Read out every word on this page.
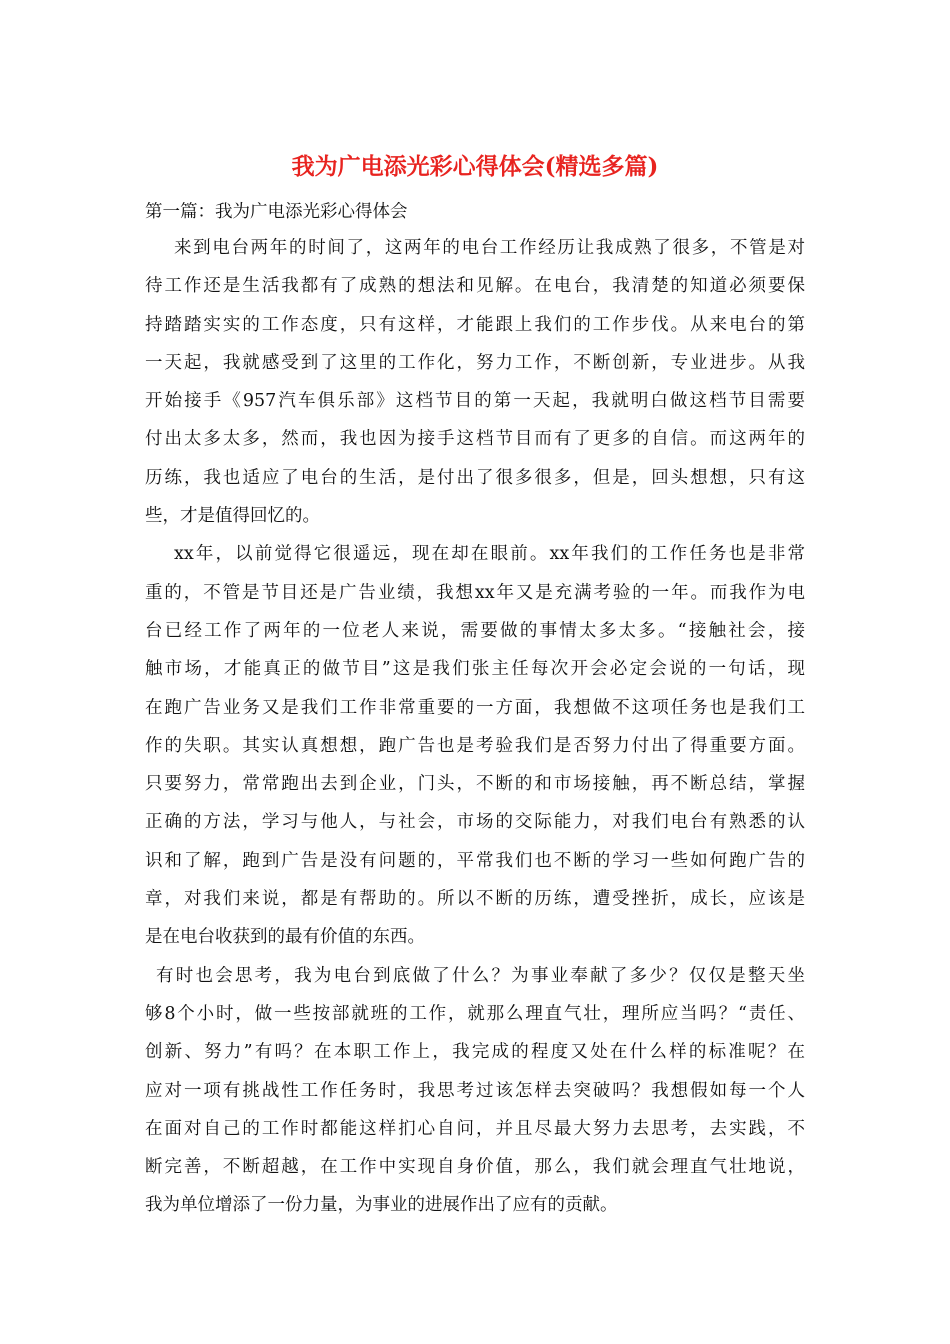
我为广电添光彩心得体会(精选多篇)

第一篇：我为广电添光彩心得体会

来到电台两年的时间了，这两年的电台工作经历让我成熟了很多，不管是对
待工作还是生活我都有了成熟的想法和见解。在电台，我清楚的知道必须要保
持踏踏实实的工作态度，只有这样，才能跟上我们的工作步伐。从来电台的第
一天起，我就感受到了这里的工作化，努力工作，不断创新，专业进步。从我
开始接手《957汽车俱乐部》这档节目的第一天起，我就明白做这档节目需要
付出太多太多，然而，我也因为接手这档节目而有了更多的自信。而这两年的
历练，我也适应了电台的生活，是付出了很多很多，但是，回头想想，只有这
些，才是值得回忆的。
xx年，以前觉得它很遥远，现在却在眼前。xx年我们的工作任务也是非常
重的，不管是节目还是广告业绩，我想xx年又是充满考验的一年。而我作为电
台已经工作了两年的一位老人来说，需要做的事情太多太多。“接触社会，接
触市场，才能真正的做节目”这是我们张主任每次开会必定会说的一句话，现
在跑广告业务又是我们工作非常重要的一方面，我想做不这项任务也是我们工
作的失职。其实认真想想，跑广告也是考验我们是否努力付出了得重要方面。
只要努力，常常跑出去到企业，门头，不断的和市场接触，再不断总结，掌握
正确的方法，学习与他人，与社会，市场的交际能力，对我们电台有熟悉的认
识和了解，跑到广告是没有问题的，平常我们也不断的学习一些如何跑广告的
章，对我们来说，都是有帮助的。所以不断的历练，遭受挫折，成长，应该是
是在电台收获到的最有价值的东西。
有时也会思考，我为电台到底做了什么？为事业奉献了多少？仅仅是整天坐
够8个小时，做一些按部就班的工作，就那么理直气壮，理所应当吗？“责任、
创新、努力”有吗？在本职工作上，我完成的程度又处在什么样的标准呢？在
应对一项有挑战性工作任务时，我思考过该怎样去突破吗？我想假如每一个人
在面对自己的工作时都能这样扪心自问，并且尽最大努力去思考，去实践，不
断完善，不断超越，在工作中实现自身价值，那么，我们就会理直气壮地说，
我为单位增添了一份力量，为事业的进展作出了应有的贡献。
